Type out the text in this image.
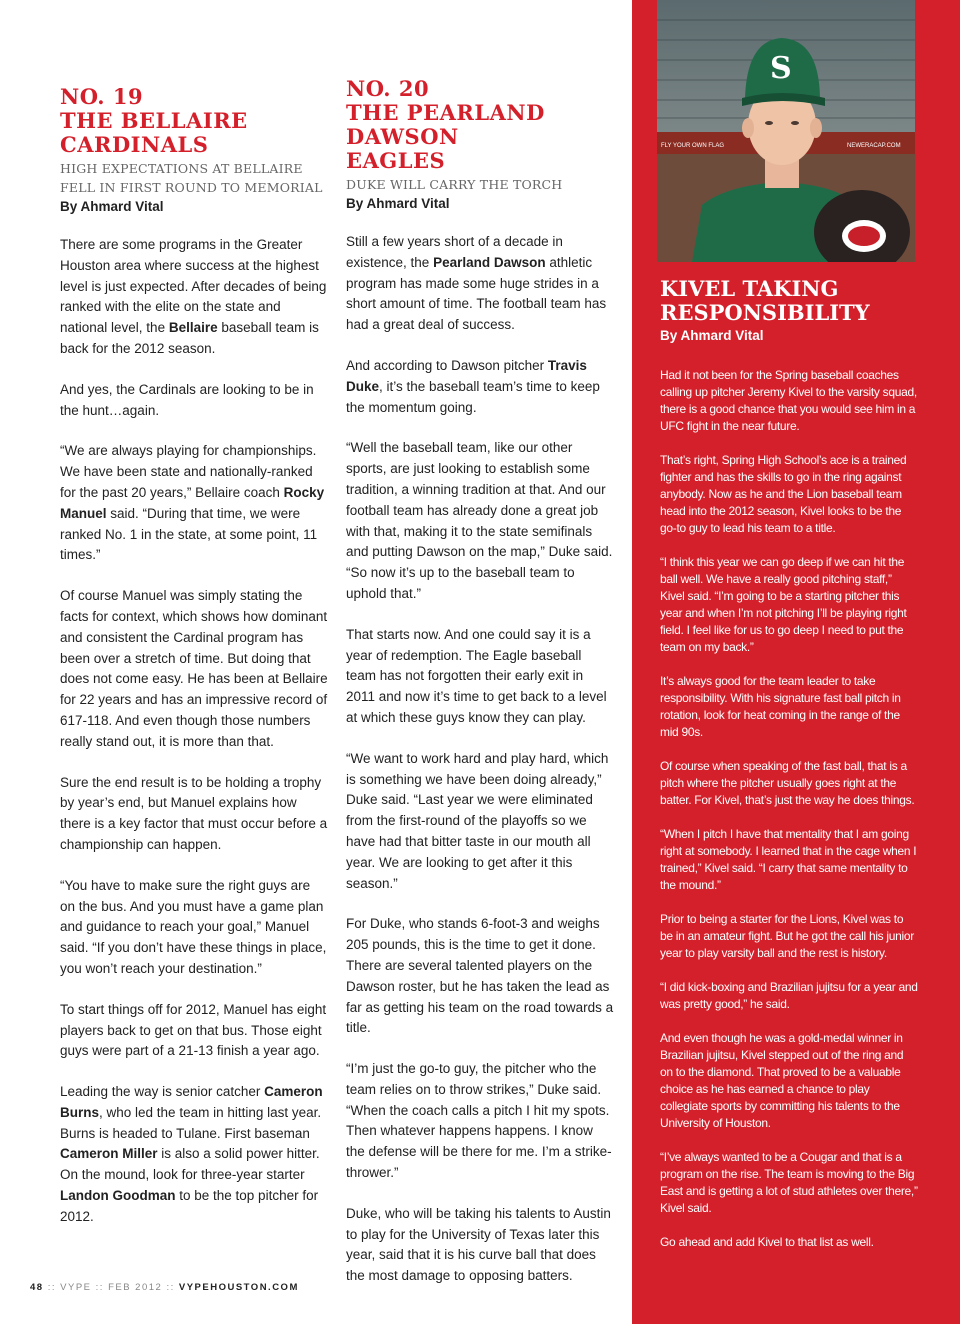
NO. 19
THE BELLAIRE CARDINALS
HIGH EXPECTATIONS AT BELLAIRE
FELL IN FIRST ROUND TO MEMORIAL
By Ahmard Vital

There are some programs in the Greater Houston area where success at the highest level is just expected. After decades of being ranked with the elite on the state and national level, the Bellaire baseball team is back for the 2012 season.

And yes, the Cardinals are looking to be in the hunt…again.

“We are always playing for championships. We have been state and nationally-ranked for the past 20 years,” Bellaire coach Rocky Manuel said. “During that time, we were ranked No. 1 in the state, at some point, 11 times.”

Of course Manuel was simply stating the facts for context, which shows how dominant and consistent the Cardinal program has been over a stretch of time. But doing that does not come easy. He has been at Bellaire for 22 years and has an impressive record of 617-118. And even though those numbers really stand out, it is more than that.

Sure the end result is to be holding a trophy by year’s end, but Manuel explains how there is a key factor that must occur before a championship can happen.

“You have to make sure the right guys are on the bus. And you must have a game plan and guidance to reach your goal,” Manuel said. “If you don’t have these things in place, you won’t reach your destination.”

To start things off for 2012, Manuel has eight players back to get on that bus. Those eight guys were part of a 21-13 finish a year ago.

Leading the way is senior catcher Cameron Burns, who led the team in hitting last year. Burns is headed to Tulane. First baseman Cameron Miller is also a solid power hitter. On the mound, look for three-year starter Landon Goodman to be the top pitcher for 2012.

NO. 20
THE PEARLAND DAWSON EAGLES
DUKE WILL CARRY THE TORCH
By Ahmard Vital

Still a few years short of a decade in existence, the Pearland Dawson athletic program has made some huge strides in a short amount of time. The football team has had a great deal of success.

And according to Dawson pitcher Travis Duke, it’s the baseball team’s time to keep the momentum going.

“Well the baseball team, like our other sports, are just looking to establish some tradition, a winning tradition at that. And our football team has already done a great job with that, making it to the state semifinals and putting Dawson on the map,” Duke said. “So now it’s up to the baseball team to uphold that.”

That starts now. And one could say it is a year of redemption. The Eagle baseball team has not forgotten their early exit in 2011 and now it’s time to get back to a level at which these guys know they can play.

“We want to work hard and play hard, which is something we have been doing already,” Duke said. “Last year we were eliminated from the first-round of the playoffs so we have had that bitter taste in our mouth all year. We are looking to get after it this season.”

For Duke, who stands 6-foot-3 and weighs 205 pounds, this is the time to get it done. There are several talented players on the Dawson roster, but he has taken the lead as far as getting his team on the road towards a title.

“I’m just the go-to guy, the pitcher who the team relies on to throw strikes,” Duke said. “When the coach calls a pitch I hit my spots. Then whatever happens happens. I know the defense will be there for me. I’m a strike-thrower.”

Duke, who will be taking his talents to Austin to play for the University of Texas later this year, said that it is his curve ball that does the most damage to opposing batters.

FLY YOUR OWN FLAG	NEWERACAP.COM
S
KIVEL TAKING RESPONSIBILITY
By Ahmard Vital

Had it not been for the Spring baseball coaches calling up pitcher Jeremy Kivel to the varsity squad, there is a good chance that you would see him in a UFC fight in the near future.

That’s right, Spring High School’s ace is a trained fighter and has the skills to go in the ring against anybody. Now as he and the Lion baseball team head into the 2012 season, Kivel looks to be the go-to guy to lead his team to a title.

“I think this year we can go deep if we can hit the ball well. We have a really good pitching staff,” Kivel said. “I’m going to be a starting pitcher this year and when I’m not pitching I’ll be playing right field. I feel like for us to go deep I need to put the team on my back.”

It’s always good for the team leader to take responsibility. With his signature fast ball pitch in rotation, look for heat coming in the range of the mid 90s.

Of course when speaking of the fast ball, that is a pitch where the pitcher usually goes right at the batter. For Kivel, that’s just the way he does things.

“When I pitch I have that mentality that I am going right at somebody. I learned that in the cage when I trained,” Kivel said. “I carry that same mentality to the mound.”

Prior to being a starter for the Lions, Kivel was to be in an amateur fight. But he got the call his junior year to play varsity ball and the rest is history.

“I did kick-boxing and Brazilian jujitsu for a year and was pretty good,” he said.

And even though he was a gold-medal winner in Brazilian jujitsu, Kivel stepped out of the ring and on to the diamond. That proved to be a valuable choice as he has earned a chance to play collegiate sports by committing his talents to the University of Houston.

“I’ve always wanted to be a Cougar and that is a program on the rise. The team is moving to the Big East and is getting a lot of stud athletes over there,” Kivel said.

Go ahead and add Kivel to that list as well.

48 :: VYPE :: FEB 2012 :: VYPEHOUSTON.COM
